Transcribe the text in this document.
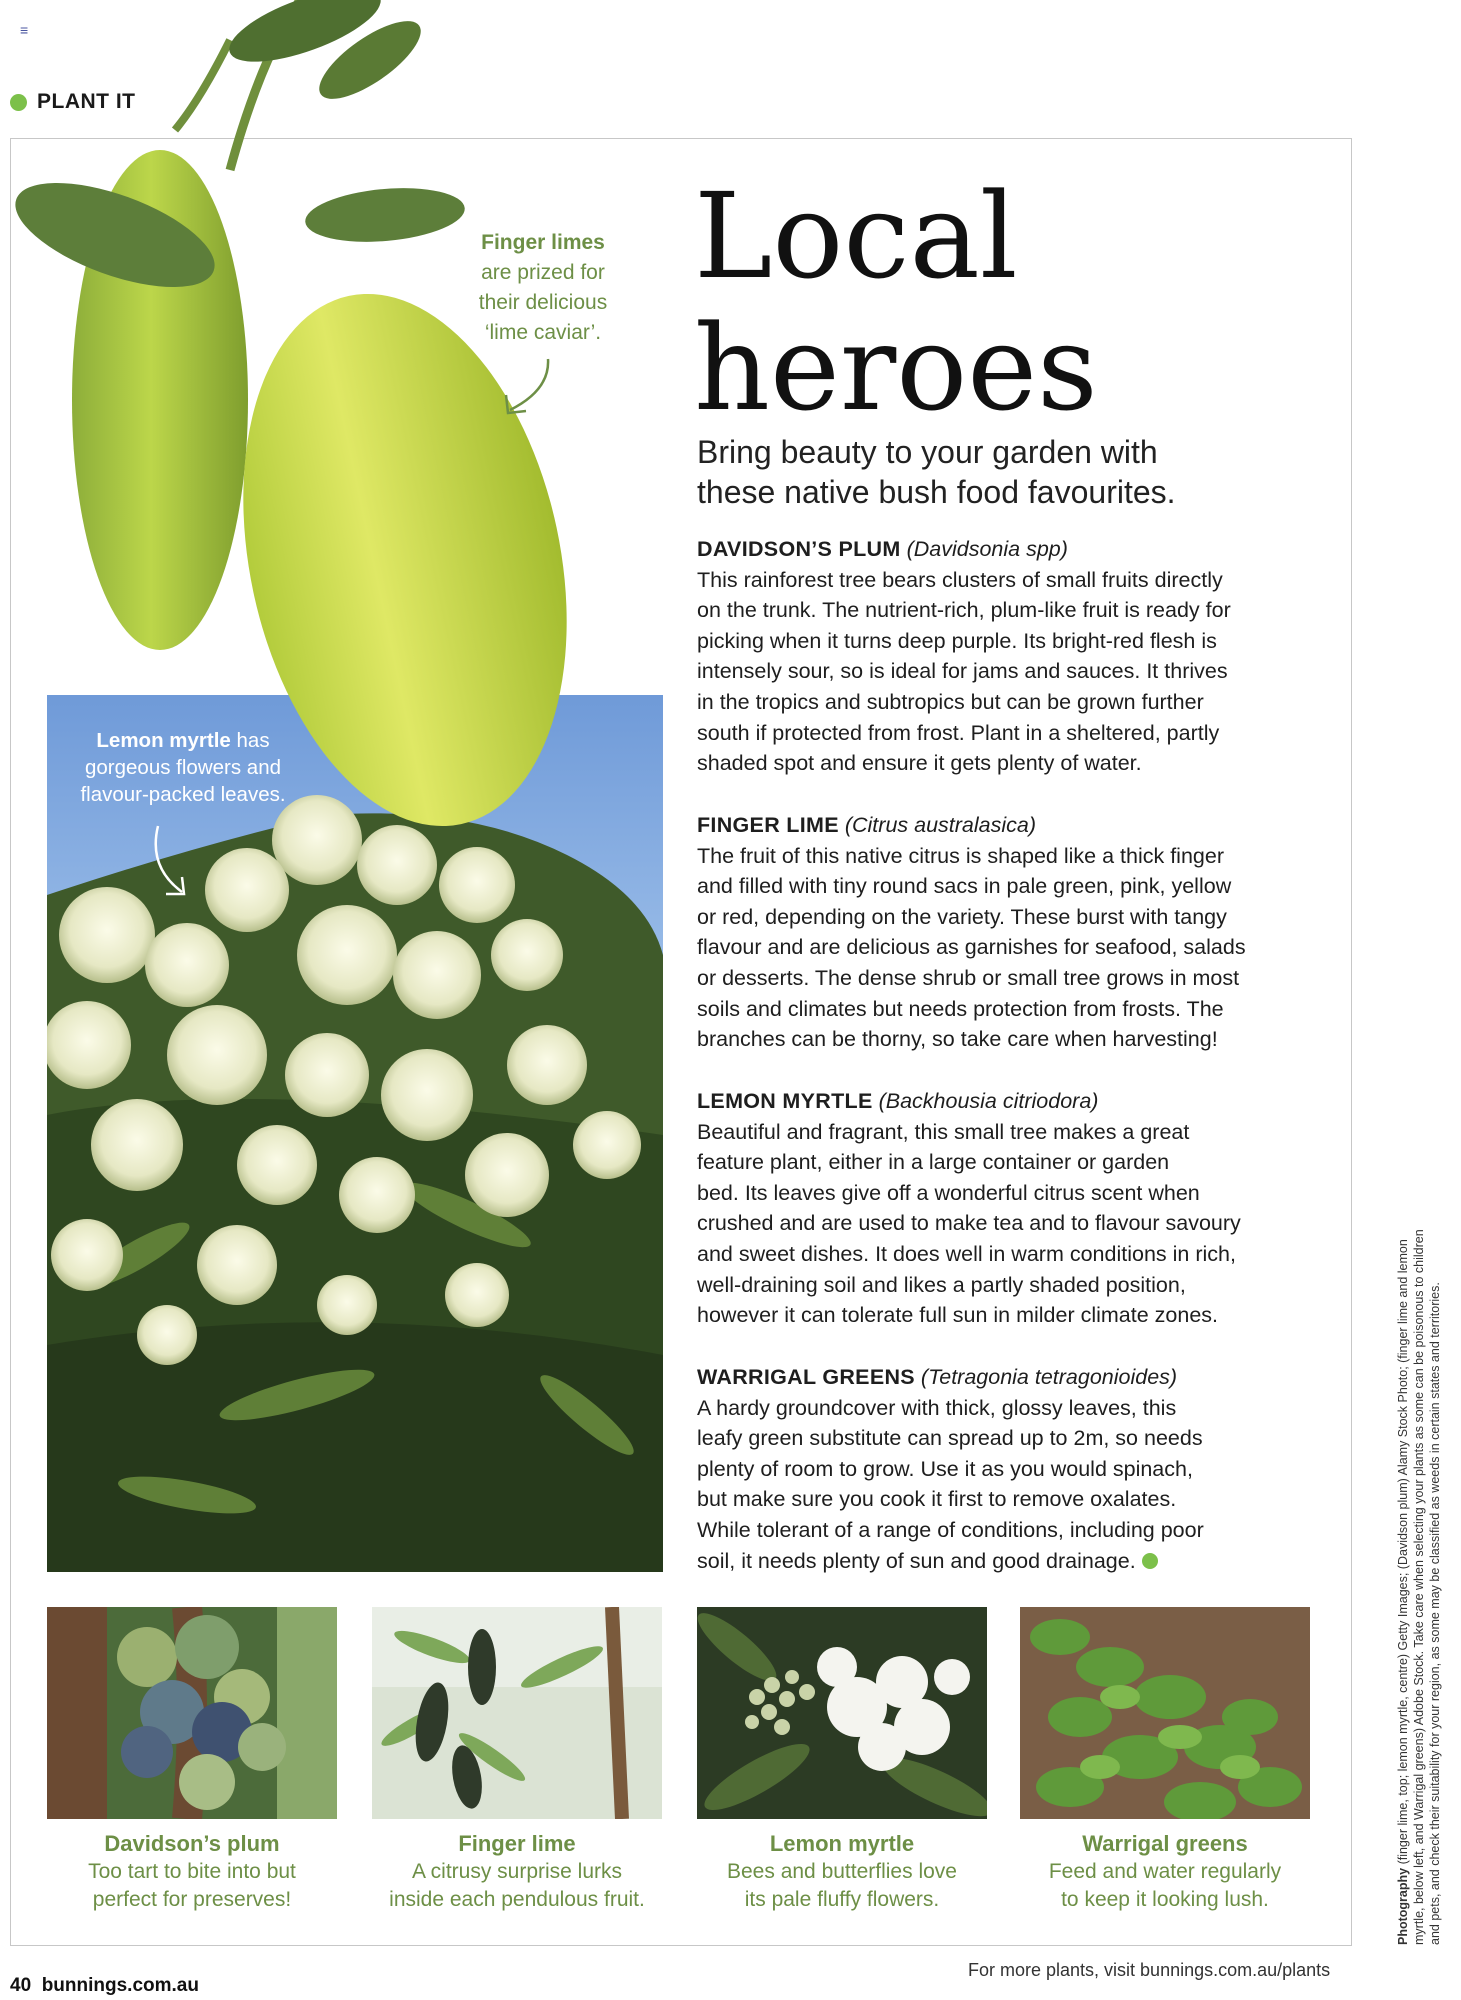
≡
PLANT IT
Finger limes
are prized for
their delicious
‘lime caviar’.
Lemon myrtle has
gorgeous flowers and
flavour-packed leaves.
Local
heroes
Bring beauty to your garden with
these native bush food favourites.
DAVIDSON’S PLUM (Davidsonia spp)
This rainforest tree bears clusters of small fruits directly
on the trunk. The nutrient-rich, plum-like fruit is ready for
picking when it turns deep purple. Its bright-red flesh is
intensely sour, so is ideal for jams and sauces. It thrives
in the tropics and subtropics but can be grown further
south if protected from frost. Plant in a sheltered, partly
shaded spot and ensure it gets plenty of water.
FINGER LIME (Citrus australasica)
The fruit of this native citrus is shaped like a thick finger
and filled with tiny round sacs in pale green, pink, yellow
or red, depending on the variety. These burst with tangy
flavour and are delicious as garnishes for seafood, salads
or desserts. The dense shrub or small tree grows in most
soils and climates but needs protection from frosts. The
branches can be thorny, so take care when harvesting!
LEMON MYRTLE (Backhousia citriodora)
Beautiful and fragrant, this small tree makes a great
feature plant, either in a large container or garden
bed. Its leaves give off a wonderful citrus scent when
crushed and are used to make tea and to flavour savoury
and sweet dishes. It does well in warm conditions in rich,
well-draining soil and likes a partly shaded position,
however it can tolerate full sun in milder climate zones.
WARRIGAL GREENS (Tetragonia tetragonioides)
A hardy groundcover with thick, glossy leaves, this
leafy green substitute can spread up to 2m, so needs
plenty of room to grow. Use it as you would spinach,
but make sure you cook it first to remove oxalates.
While tolerant of a range of conditions, including poor
soil, it needs plenty of sun and good drainage.
Davidson’s plum
Too tart to bite into but
perfect for preserves!
Finger lime
A citrusy surprise lurks
inside each pendulous fruit.
Lemon myrtle
Bees and butterflies love
its pale fluffy flowers.
Warrigal greens
Feed and water regularly
to keep it looking lush.	Photography (finger lime, top; lemon myrtle, centre) Getty Images; (Davidson plum) Alamy Stock Photo; (finger lime and lemon myrtle, below left, and Warrigal greens) Adobe Stock. Take care when selecting your plants as some can be poisonous to children and pets, and check their suitability for your region, as some may be classified as weeds in certain states and territories.
40 bunnings.com.au
For more plants, visit bunnings.com.au/plants
